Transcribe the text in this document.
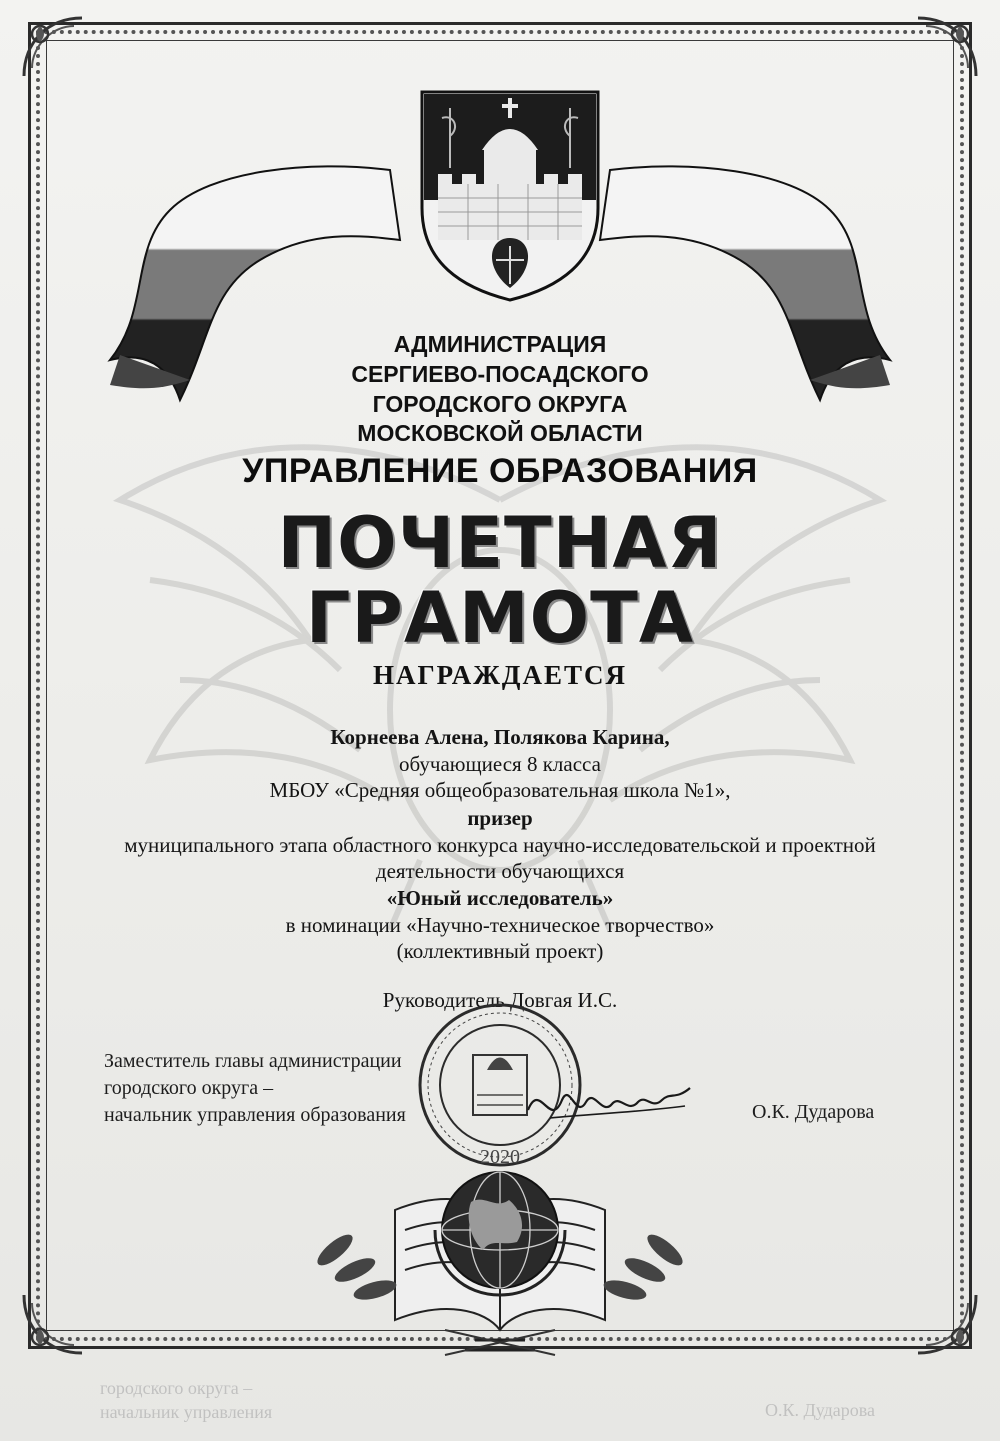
АДМИНИСТРАЦИЯ
СЕРГИЕВО-ПОСАДСКОГО
ГОРОДСКОГО ОКРУГА
МОСКОВСКОЙ ОБЛАСТИ
УПРАВЛЕНИЕ ОБРАЗОВАНИЯ
ПОЧЕТНАЯ
ГРАМОТА
НАГРАЖДАЕТСЯ
Корнеева Алена, Полякова Карина,
обучающиеся 8 класса
МБОУ «Средняя общеобразовательная школа №1»,
призер
муниципального этапа областного конкурса научно-исследовательской и проектной
деятельности обучающихся
«Юный исследователь»
в номинации «Научно-техническое творчество»
(коллективный проект)
Руководитель Довгая И.С.
2020
Заместитель главы администрации
городского округа –
начальник управления образования	О.К. Дударова
городского округа –
начальник управления	О.К. Дударова
